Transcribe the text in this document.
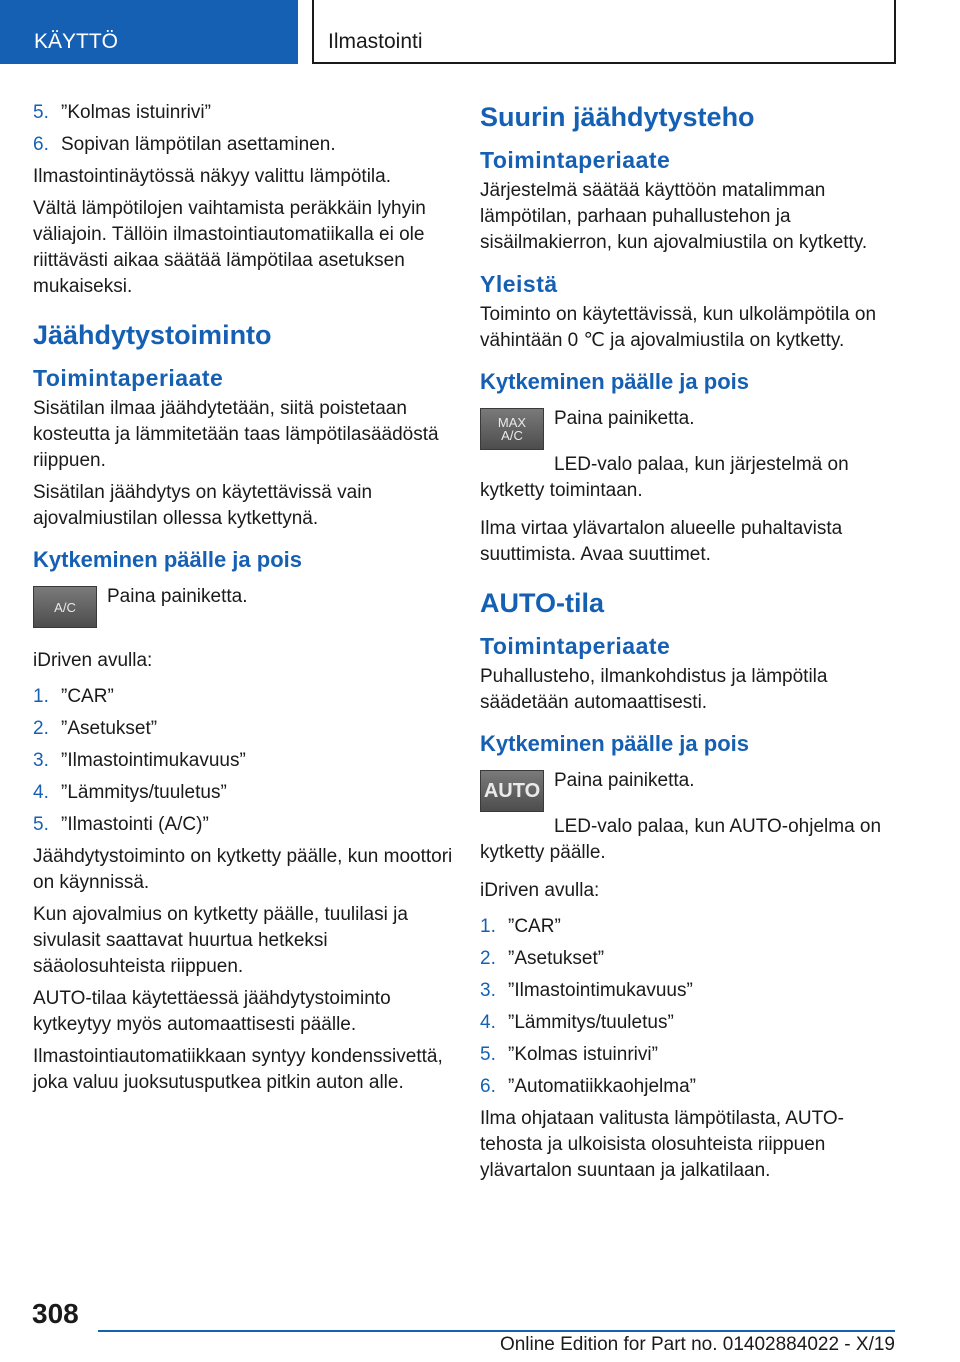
KÄYTTÖ	Ilmastointi
5. ”Kolmas istuinrivi”
6. Sopivan lämpötilan asettaminen.
Ilmastointinäytössä näkyy valittu lämpötila.
Vältä lämpötilojen vaihtamista peräkkäin lyhyin väliajoin. Tällöin ilmastointiautomatiikalla ei ole riittävästi aikaa säätää lämpötilaa asetuksen mukaiseksi.
Jäähdytystoiminto
Toimintaperiaate
Sisätilan ilmaa jäähdytetään, siitä poistetaan kosteutta ja lämmitetään taas lämpötilasäädöstä riippuen.
Sisätilan jäähdytys on käytettävissä vain ajovalmiustilan ollessa kytkettynä.
Kytkeminen päälle ja pois
A/C Paina painiketta.
iDriven avulla:
1. ”CAR”
2. ”Asetukset”
3. ”Ilmastointimukavuus”
4. ”Lämmitys/tuuletus”
5. ”Ilmastointi (A/C)”
Jäähdytystoiminto on kytketty päälle, kun moottori on käynnissä.
Kun ajovalmius on kytketty päälle, tuulilasi ja sivulasit saattavat huurtua hetkeksi sääolosuhteista riippuen.
AUTO-tilaa käytettäessä jäähdytystoiminto kytkeytyy myös automaattisesti päälle.
Ilmastointiautomatiikkaan syntyy kondenssivettä, joka valuu juoksutusputkea pitkin auton alle.
Suurin jäähdytysteho
Toimintaperiaate
Järjestelmä säätää käyttöön matalimman lämpötilan, parhaan puhallustehon ja sisäilmakierron, kun ajovalmiustila on kytketty.
Yleistä
Toiminto on käytettävissä, kun ulkolämpötila on vähintään 0 ℃ ja ajovalmiustila on kytketty.
Kytkeminen päälle ja pois
MAX
A/C
Paina painiketta.
LED-valo palaa, kun järjestelmä on kytketty toimintaan.
Ilma virtaa ylävartalon alueelle puhaltavista suuttimista. Avaa suuttimet.
AUTO-tila
Toimintaperiaate
Puhallusteho, ilmankohdistus ja lämpötila säädetään automaattisesti.
Kytkeminen päälle ja pois
AUTO Paina painiketta.
LED-valo palaa, kun AUTO-ohjelma on kytketty päälle.
iDriven avulla:
1. ”CAR”
2. ”Asetukset”
3. ”Ilmastointimukavuus”
4. ”Lämmitys/tuuletus”
5. ”Kolmas istuinrivi”
6. ”Automatiikkaohjelma”
Ilma ohjataan valitusta lämpötilasta, AUTO-tehosta ja ulkoisista olosuhteista riippuen ylävartalon suuntaan ja jalkatilaan.
308
Online Edition for Part no. 01402884022 - X/19
